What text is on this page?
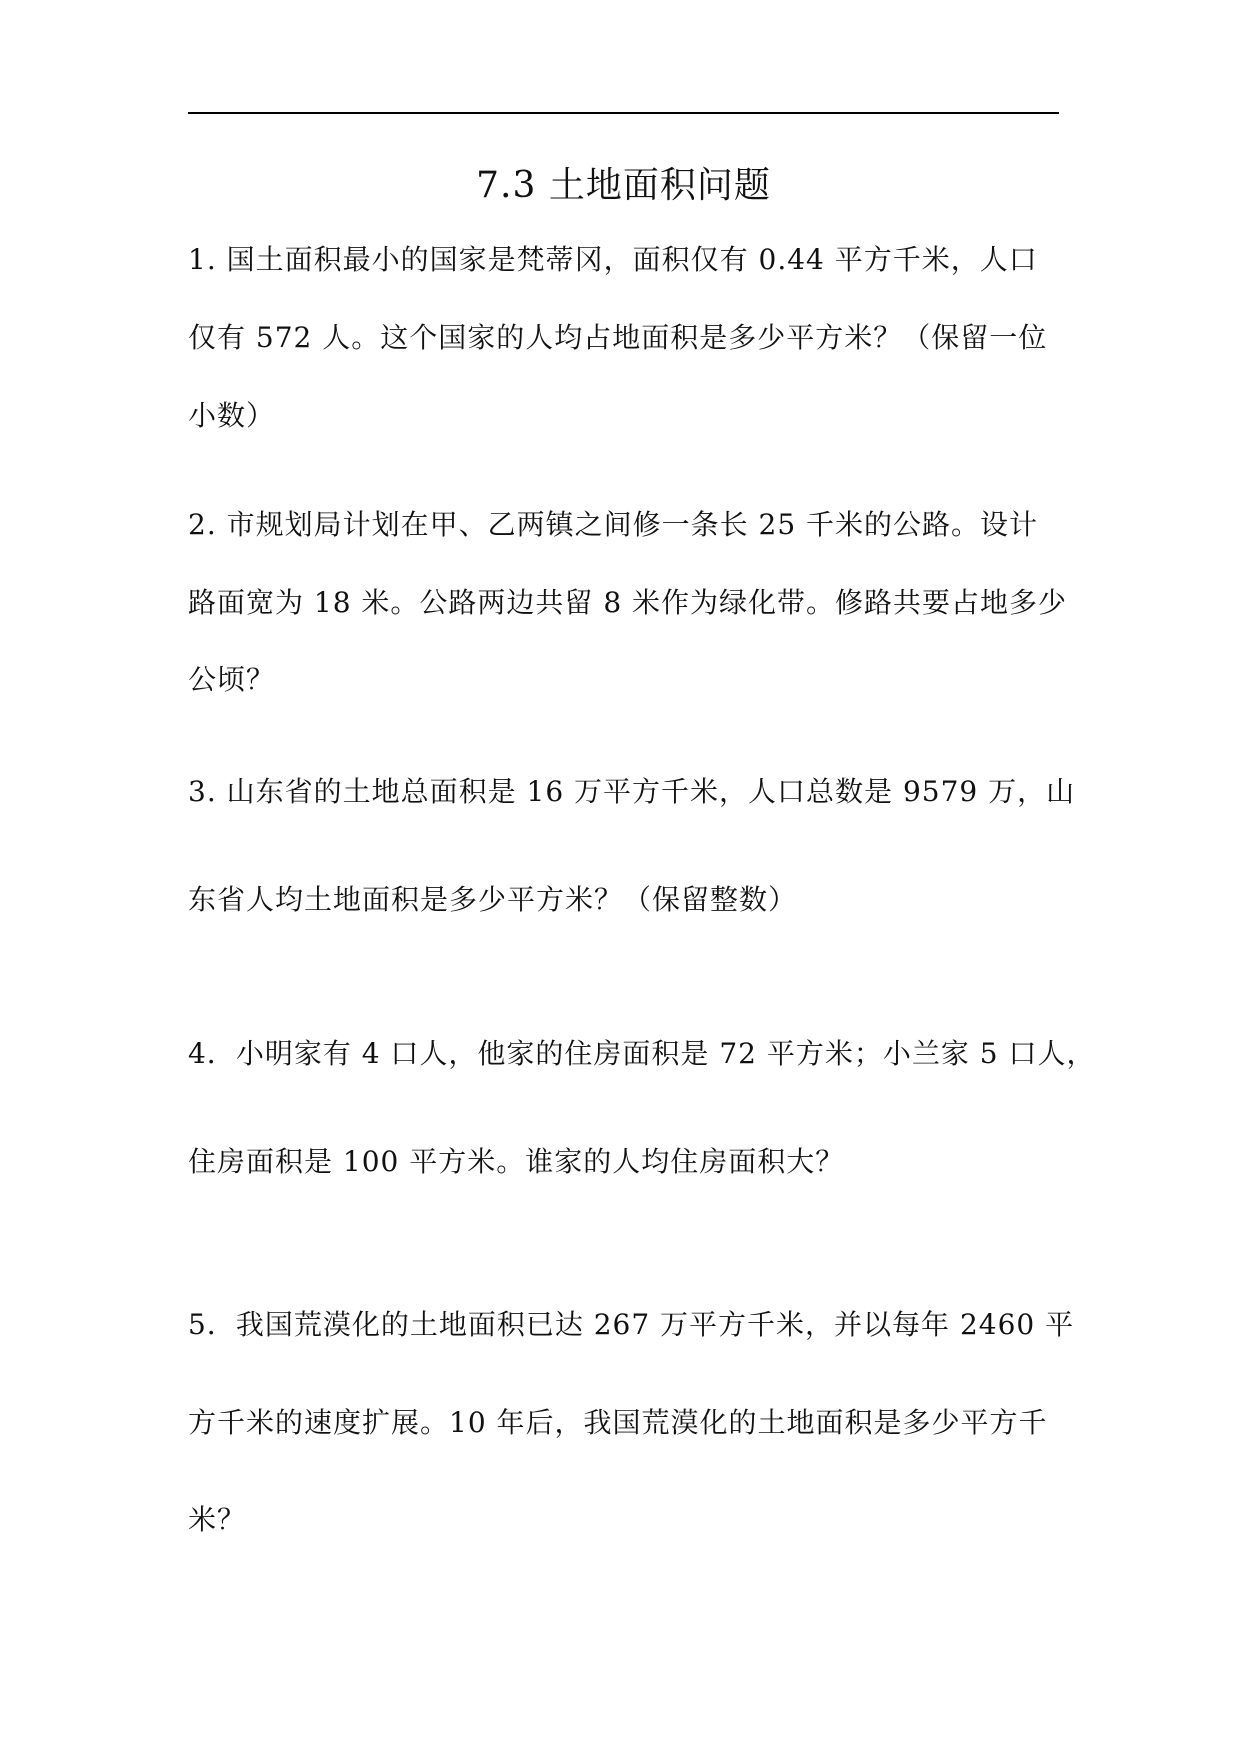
7.3 土地面积问题
1. 国土面积最小的国家是梵蒂冈，面积仅有 0.44 平方千米，人口
仅有 572 人。这个国家的人均占地面积是多少平方米？（保留一位
小数）
2. 市规划局计划在甲、乙两镇之间修一条长 25 千米的公路。设计
路面宽为 18 米。公路两边共留 8 米作为绿化带。修路共要占地多少
公顷？
3. 山东省的土地总面积是 16 万平方千米，人口总数是 9579 万，山
东省人均土地面积是多少平方米？（保留整数）
4．小明家有 4 口人，他家的住房面积是 72 平方米；小兰家 5 口人，
住房面积是 100 平方米。谁家的人均住房面积大？
5．我国荒漠化的土地面积已达 267 万平方千米，并以每年 2460 平
方千米的速度扩展。10 年后，我国荒漠化的土地面积是多少平方千
米？
